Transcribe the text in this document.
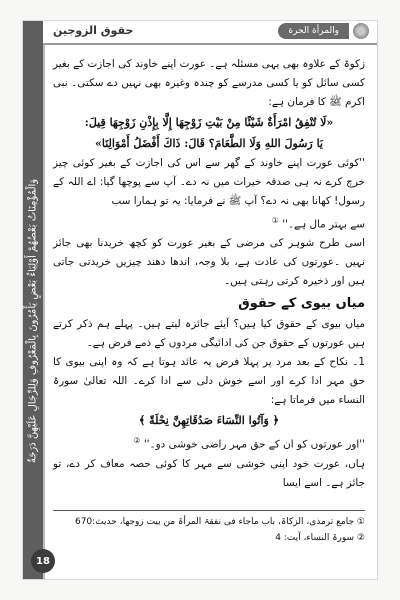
وَالْمُؤْمِنَاتُ بَعْضُهُمْ أَوْلِيَاءُ بَعْضٍ يَأْمُرُونَ بِالْمَعْرُوفِ وَلِلرِّجَالِ عَلَيْهِنَّ دَرَجَةٌ
حقوق الزوجين	والمرأة الحرة

زکوۃ کے علاوہ بھی یہی مسئلہ ہے۔ عورت اپنے خاوند کی اجازت کے بغیر کسی سائل کو یا کسی مدرسے کو چندہ وغیرہ بھی نہیں دے سکتی۔ نبی اکرم ﷺ کا فرمان ہے:

«لَا تُنْفِقُ امْرَأَةٌ شَيْئًا مِنْ بَيْتِ زَوْجِهَا إِلَّا بِإِذْنِ زَوْجِهَا قِيلَ:

يَا رَسُولَ اللهِ وَلَا الطَّعَامَ؟ قَالَ: ذَاكَ أَفْضَلُ أَمْوَالِنَا»

''کوئی عورت اپنے خاوند کے گھر سے اس کی اجازت کے بغیر کوئی چیز خرچ کرے نہ ہی صدقہ خیرات میں نہ دے۔ آپ سے پوچھا گیا: اے اللہ کے رسول! کھانا بھی نہ دے؟ آپ ﷺ نے فرمایا: یہ تو ہمارا سب

سے بہتر مال ہے۔'' ①

اسی طرح شوہر کی مرضی کے بغیر عورت کو کچھ خریدنا بھی جائز نہیں ۔عورتوں کی عادت ہے، بلا وجہ، اندھا دھند چیزیں خریدتی جاتی ہیں اور ذخیرہ کرتی رہتی ہیں۔

میاں بیوی کے حقوق

میاں بیوی کے حقوق کیا ہیں؟ آیئے جائزہ لیتے ہیں۔ پہلے ہم ذکر کرتے ہیں عورتوں کے حقوق جن کی ادائیگی مردوں کے ذمے فرض ہے۔

1۔ نکاح کے بعد مرد پر پہلا فرض یہ عائد ہوتا ہے کہ وہ اپنی بیوی کا حق مہر ادا کرے اور اسے خوش دلی سے ادا کرے۔ اللہ تعالیٰ سورۃ النساء میں فرماتا ہے:

﴿ وَآتُوا النِّسَاءَ صَدُقَاتِهِنَّ نِحْلَةً ﴾

''اور عورتوں کو ان کے حق مہر راضی خوشی دو۔'' ②

ہاں، عورت خود اپنی خوشی سے مہر کا کوئی حصہ معاف کر دے، تو جائز ہے۔ اسے ایسا

① جامع ترمذی، الزکاۃ، باب ماجاء فی نفقۃ المرأۃ من بیت زوجھا، حدیث:670
② سورۃ النساء، آیت: 4
18
